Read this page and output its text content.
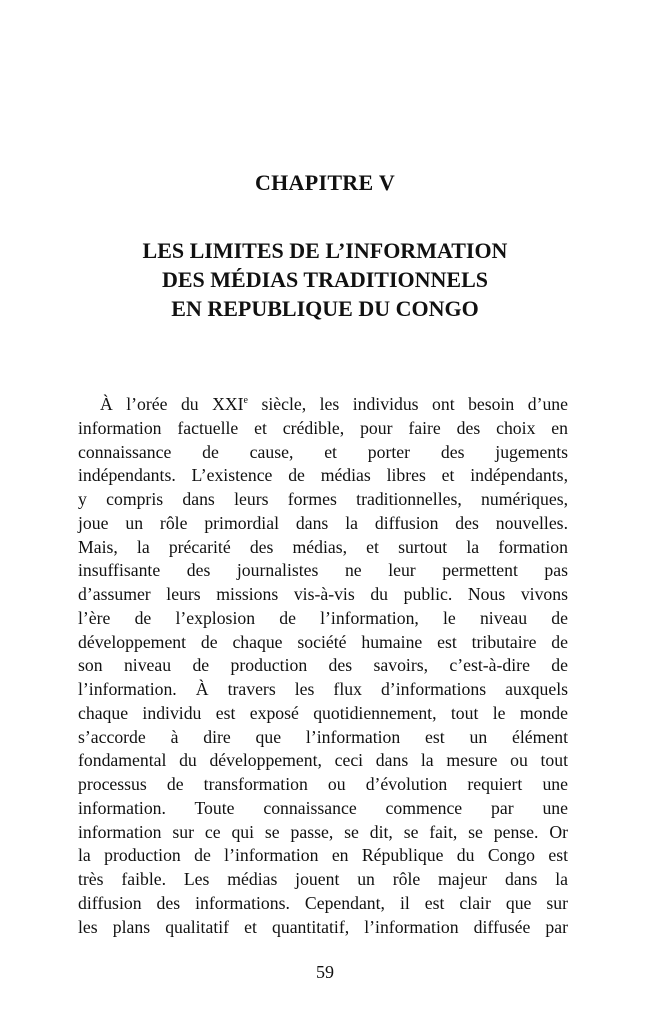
CHAPITRE V
LES LIMITES DE L’INFORMATION
DES MÉDIAS TRADITIONNELS
EN REPUBLIQUE DU CONGO
À l’orée du XXIe siècle, les individus ont besoin d’une
information factuelle et crédible, pour faire des choix en
connaissance de cause, et porter des jugements
indépendants. L’existence de médias libres et indépendants,
y compris dans leurs formes traditionnelles, numériques,
joue un rôle primordial dans la diffusion des nouvelles.
Mais, la précarité des médias, et surtout la formation
insuffisante des journalistes ne leur permettent pas
d’assumer leurs missions vis-à-vis du public. Nous vivons
l’ère de l’explosion de l’information, le niveau de
développement de chaque société humaine est tributaire de
son niveau de production des savoirs, c’est-à-dire de
l’information. À travers les flux d’informations auxquels
chaque individu est exposé quotidiennement, tout le monde
s’accorde à dire que l’information est un élément
fondamental du développement, ceci dans la mesure ou tout
processus de transformation ou d’évolution requiert une
information. Toute connaissance commence par une
information sur ce qui se passe, se dit, se fait, se pense. Or
la production de l’information en République du Congo est
très faible. Les médias jouent un rôle majeur dans la
diffusion des informations. Cependant, il est clair que sur
les plans qualitatif et quantitatif, l’information diffusée par
59
